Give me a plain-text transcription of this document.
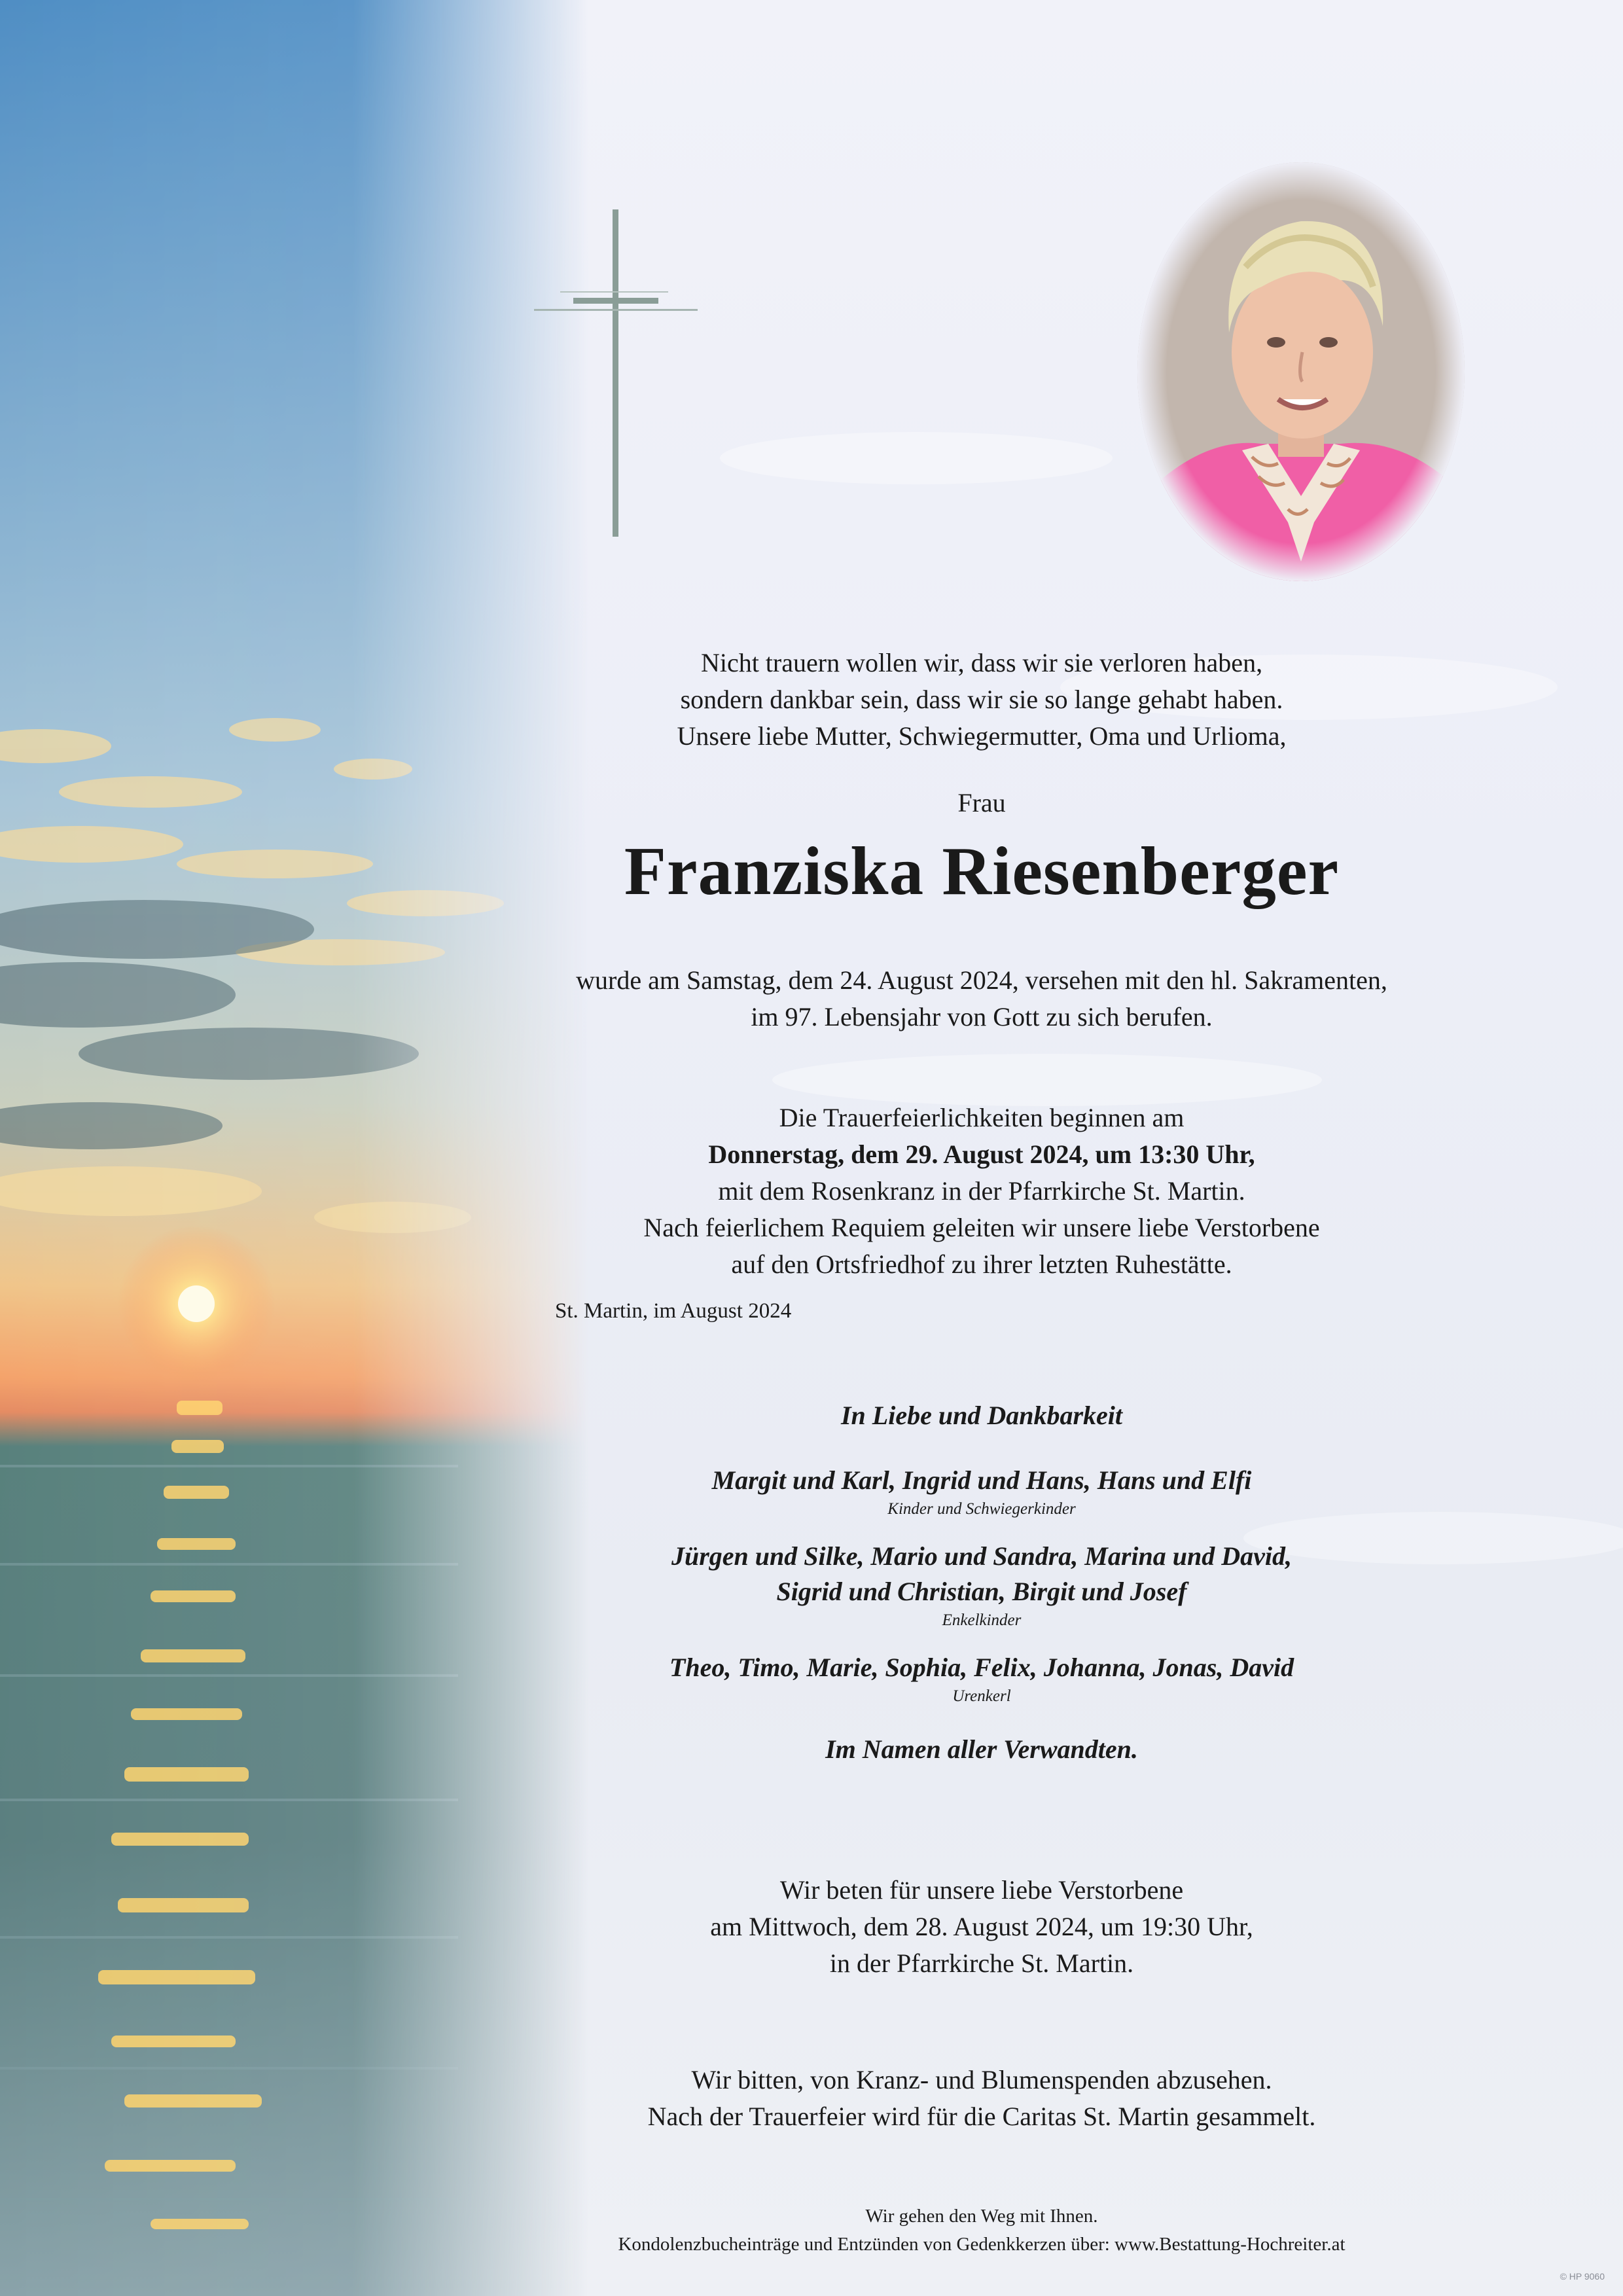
Nicht trauern wollen wir, dass wir sie verloren haben,
sondern dankbar sein, dass wir sie so lange gehabt haben.
Unsere liebe Mutter, Schwiegermutter, Oma und Urlioma,
Frau
Franziska Riesenberger
wurde am Samstag, dem 24. August 2024, versehen mit den hl. Sakramenten,
im 97. Lebensjahr von Gott zu sich berufen.
Die Trauerfeierlichkeiten beginnen am
Donnerstag, dem 29. August 2024, um 13:30 Uhr,
mit dem Rosenkranz in der Pfarrkirche St. Martin.
Nach feierlichem Requiem geleiten wir unsere liebe Verstorbene
auf den Ortsfriedhof zu ihrer letzten Ruhestätte.
St. Martin, im August 2024
In Liebe und Dankbarkeit
Margit und Karl, Ingrid und Hans, Hans und Elfi
Kinder und Schwiegerkinder
Jürgen und Silke, Mario und Sandra, Marina und David,
Sigrid und Christian, Birgit und Josef
Enkelkinder
Theo, Timo, Marie, Sophia, Felix, Johanna, Jonas, David
Urenkerl
Im Namen aller Verwandten.
Wir beten für unsere liebe Verstorbene
am Mittwoch, dem 28. August 2024, um 19:30 Uhr,
in der Pfarrkirche St. Martin.
Wir bitten, von Kranz- und Blumenspenden abzusehen.
Nach der Trauerfeier wird für die Caritas St. Martin gesammelt.
Wir gehen den Weg mit Ihnen.
Kondolenzbucheinträge und Entzünden von Gedenkkerzen über: www.Bestattung-Hochreiter.at
© HP 9060
